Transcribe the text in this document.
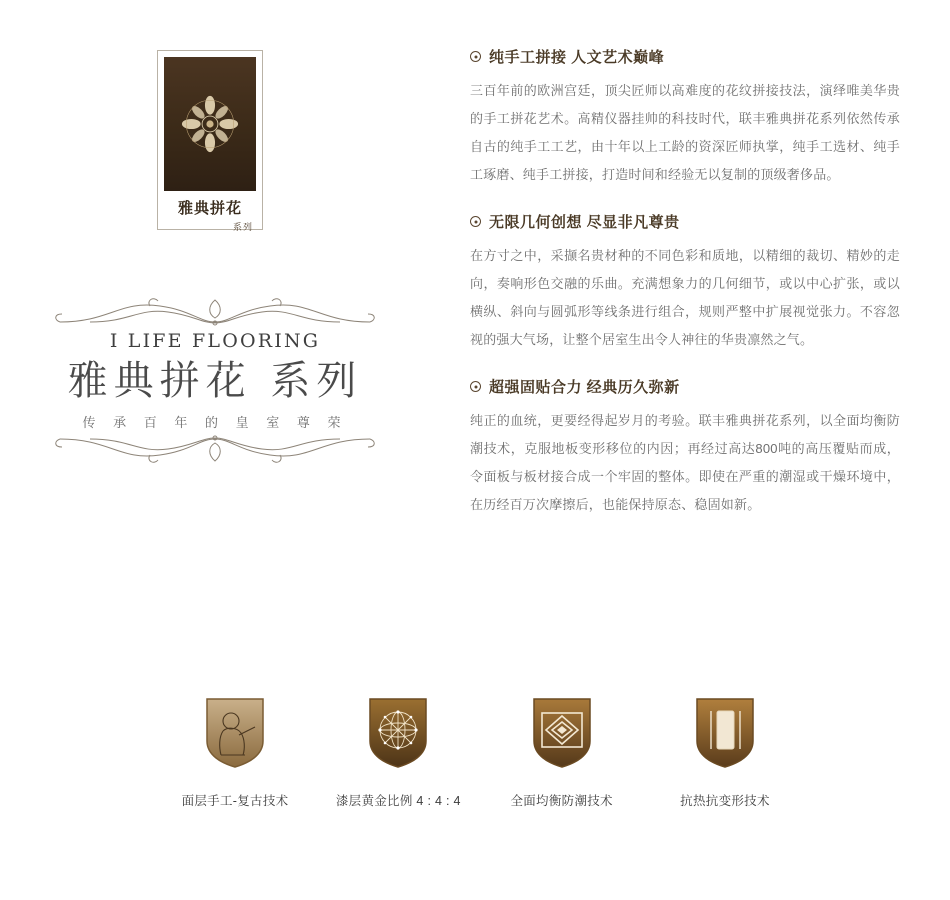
雅典拼花
系列
I LIFE FLOORING
雅典拼花 系列
传 承 百 年 的 皇 室 尊 荣
纯手工拼接 人文艺术巅峰

三百年前的欧洲宫廷，顶尖匠师以高难度的花纹拼接技法，演绎唯美华贵的手工拼花艺术。高精仪器挂帅的科技时代，联丰雅典拼花系列依然传承自古的纯手工工艺，由十年以上工龄的资深匠师执掌，纯手工选材、纯手工琢磨、纯手工拼接，打造时间和经验无以复制的顶级奢侈品。

无限几何创想 尽显非凡尊贵

在方寸之中，采撷名贵材种的不同色彩和质地，以精细的裁切、精妙的走向，奏响形色交融的乐曲。充满想象力的几何细节，或以中心扩张，或以横纵、斜向与圆弧形等线条进行组合，规则严整中扩展视觉张力。不容忽视的强大气场，让整个居室生出令人神往的华贵凛然之气。

超强固贴合力 经典历久弥新

纯正的血统，更要经得起岁月的考验。联丰雅典拼花系列，以全面均衡防潮技术，克服地板变形移位的内因；再经过高达800吨的高压覆贴而成，令面板与板材接合成一个牢固的整体。即使在严重的潮湿或干燥环境中，在历经百万次摩擦后，也能保持原态、稳固如新。

面层手工-复古技术	漆层黄金比例 4 : 4 : 4	全面均衡防潮技术	抗热抗变形技术
